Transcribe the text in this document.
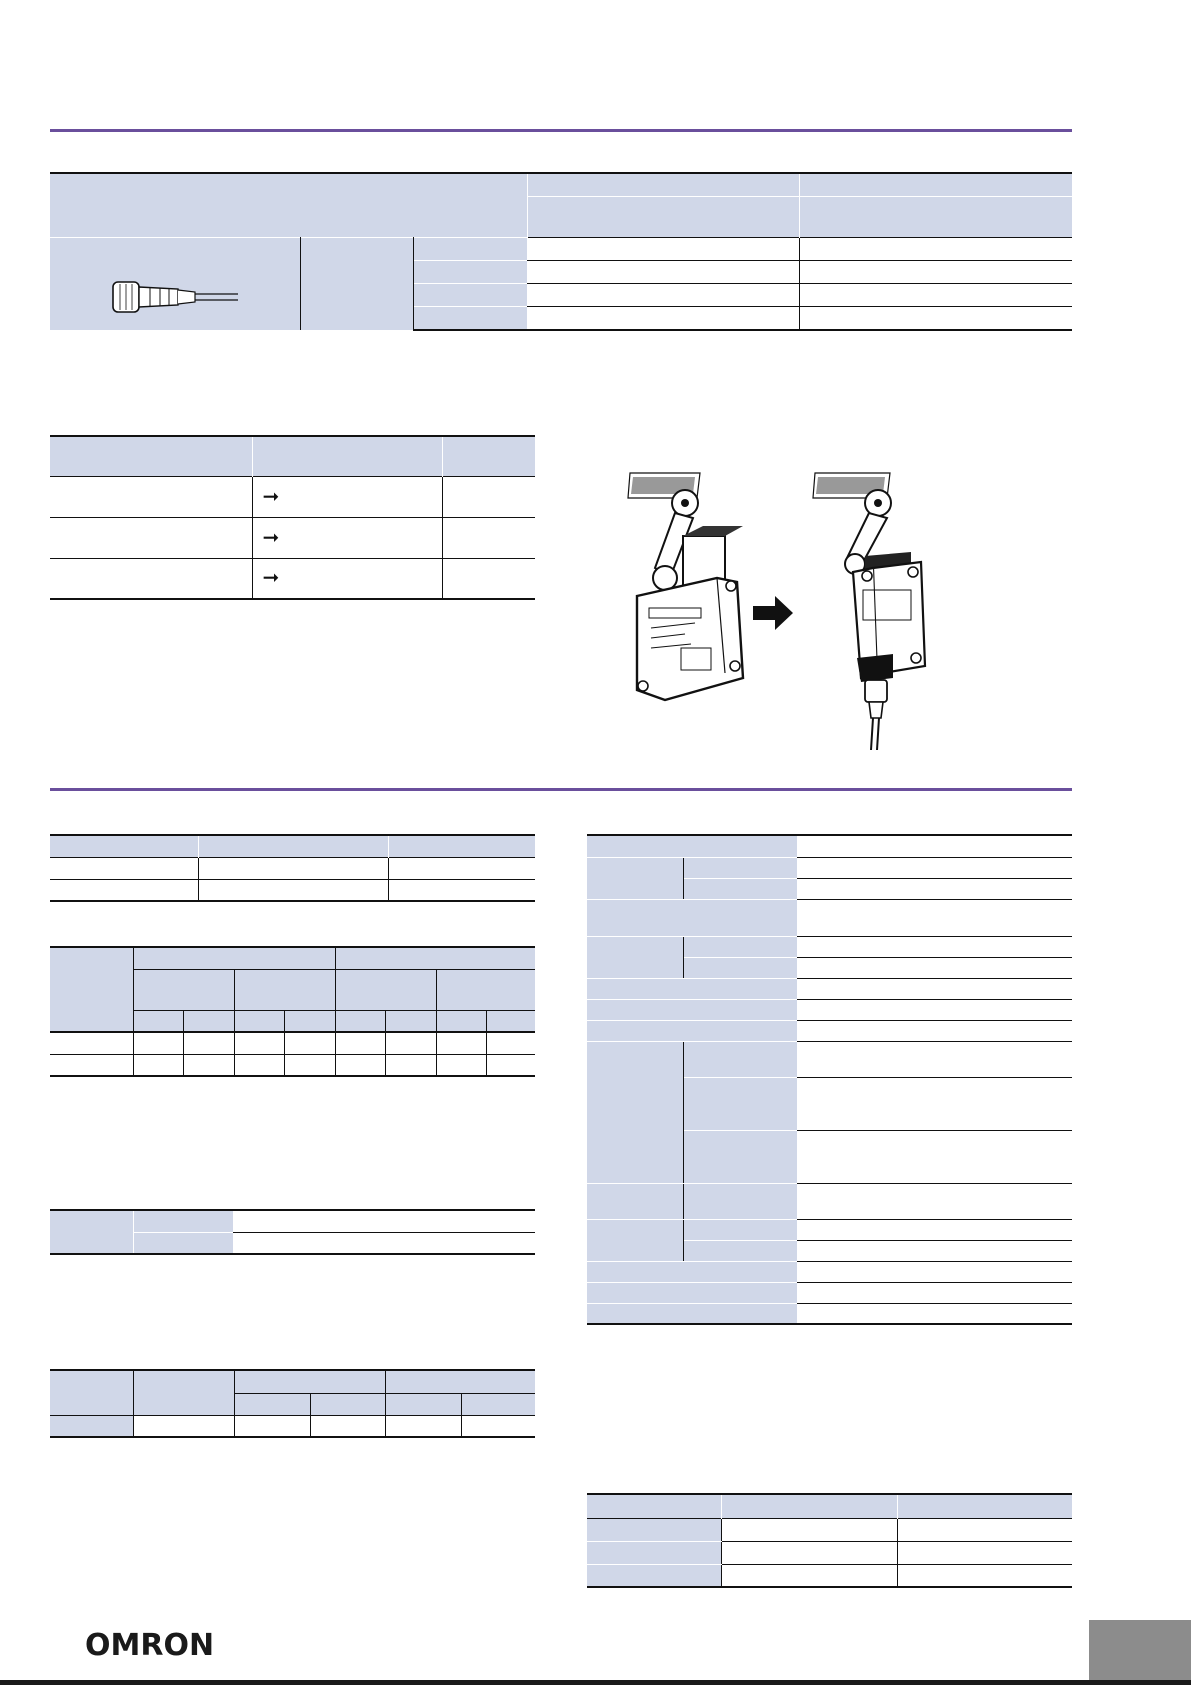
	➞	
	➞	
	➞	

OMRON
